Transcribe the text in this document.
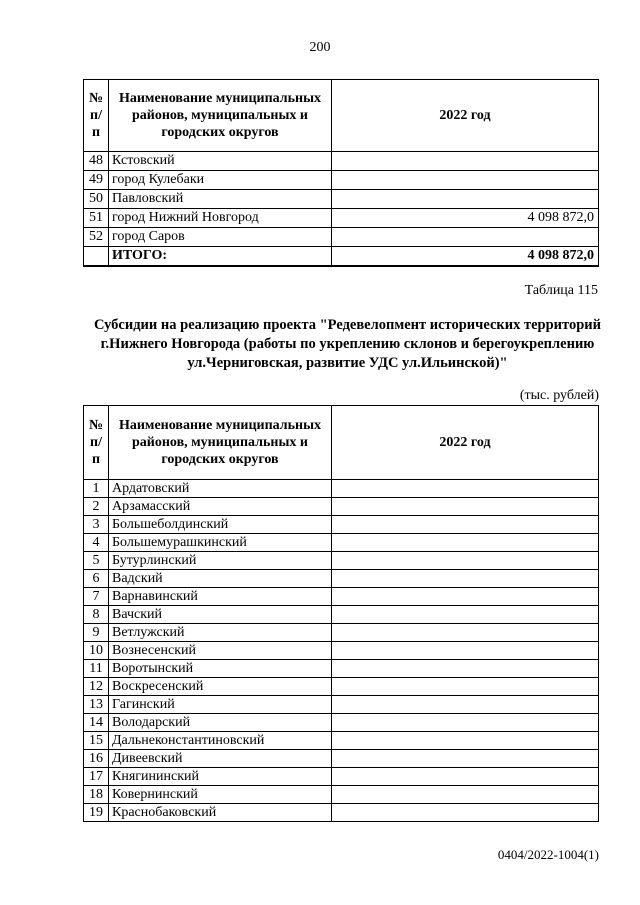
200
№ п/п	Наименование муниципальных районов, муниципальных и городских округов	2022 год
48	Кстовский	
49	город Кулебаки	
50	Павловский	
51	город Нижний Новгород	4 098 872,0
52	город Саров	
	ИТОГО:	4 098 872,0
Таблица 115
Субсидии на реализацию проекта "Редевелопмент исторических территорий г.Нижнего Новгорода (работы по укреплению склонов и берегоукреплению ул.Черниговская, развитие УДС ул.Ильинской)"
(тыс. рублей)
№ п/п	Наименование муниципальных районов, муниципальных и городских округов	2022 год
1	Ардатовский	
2	Арзамасский	
3	Большеболдинский	
4	Большемурашкинский	
5	Бутурлинский	
6	Вадский	
7	Варнавинский	
8	Вачский	
9	Ветлужский	
10	Вознесенский	
11	Воротынский	
12	Воскресенский	
13	Гагинский	
14	Володарский	
15	Дальнеконстантиновский	
16	Дивеевский	
17	Княгининский	
18	Ковернинский	
19	Краснобаковский	
0404/2022-1004(1)
